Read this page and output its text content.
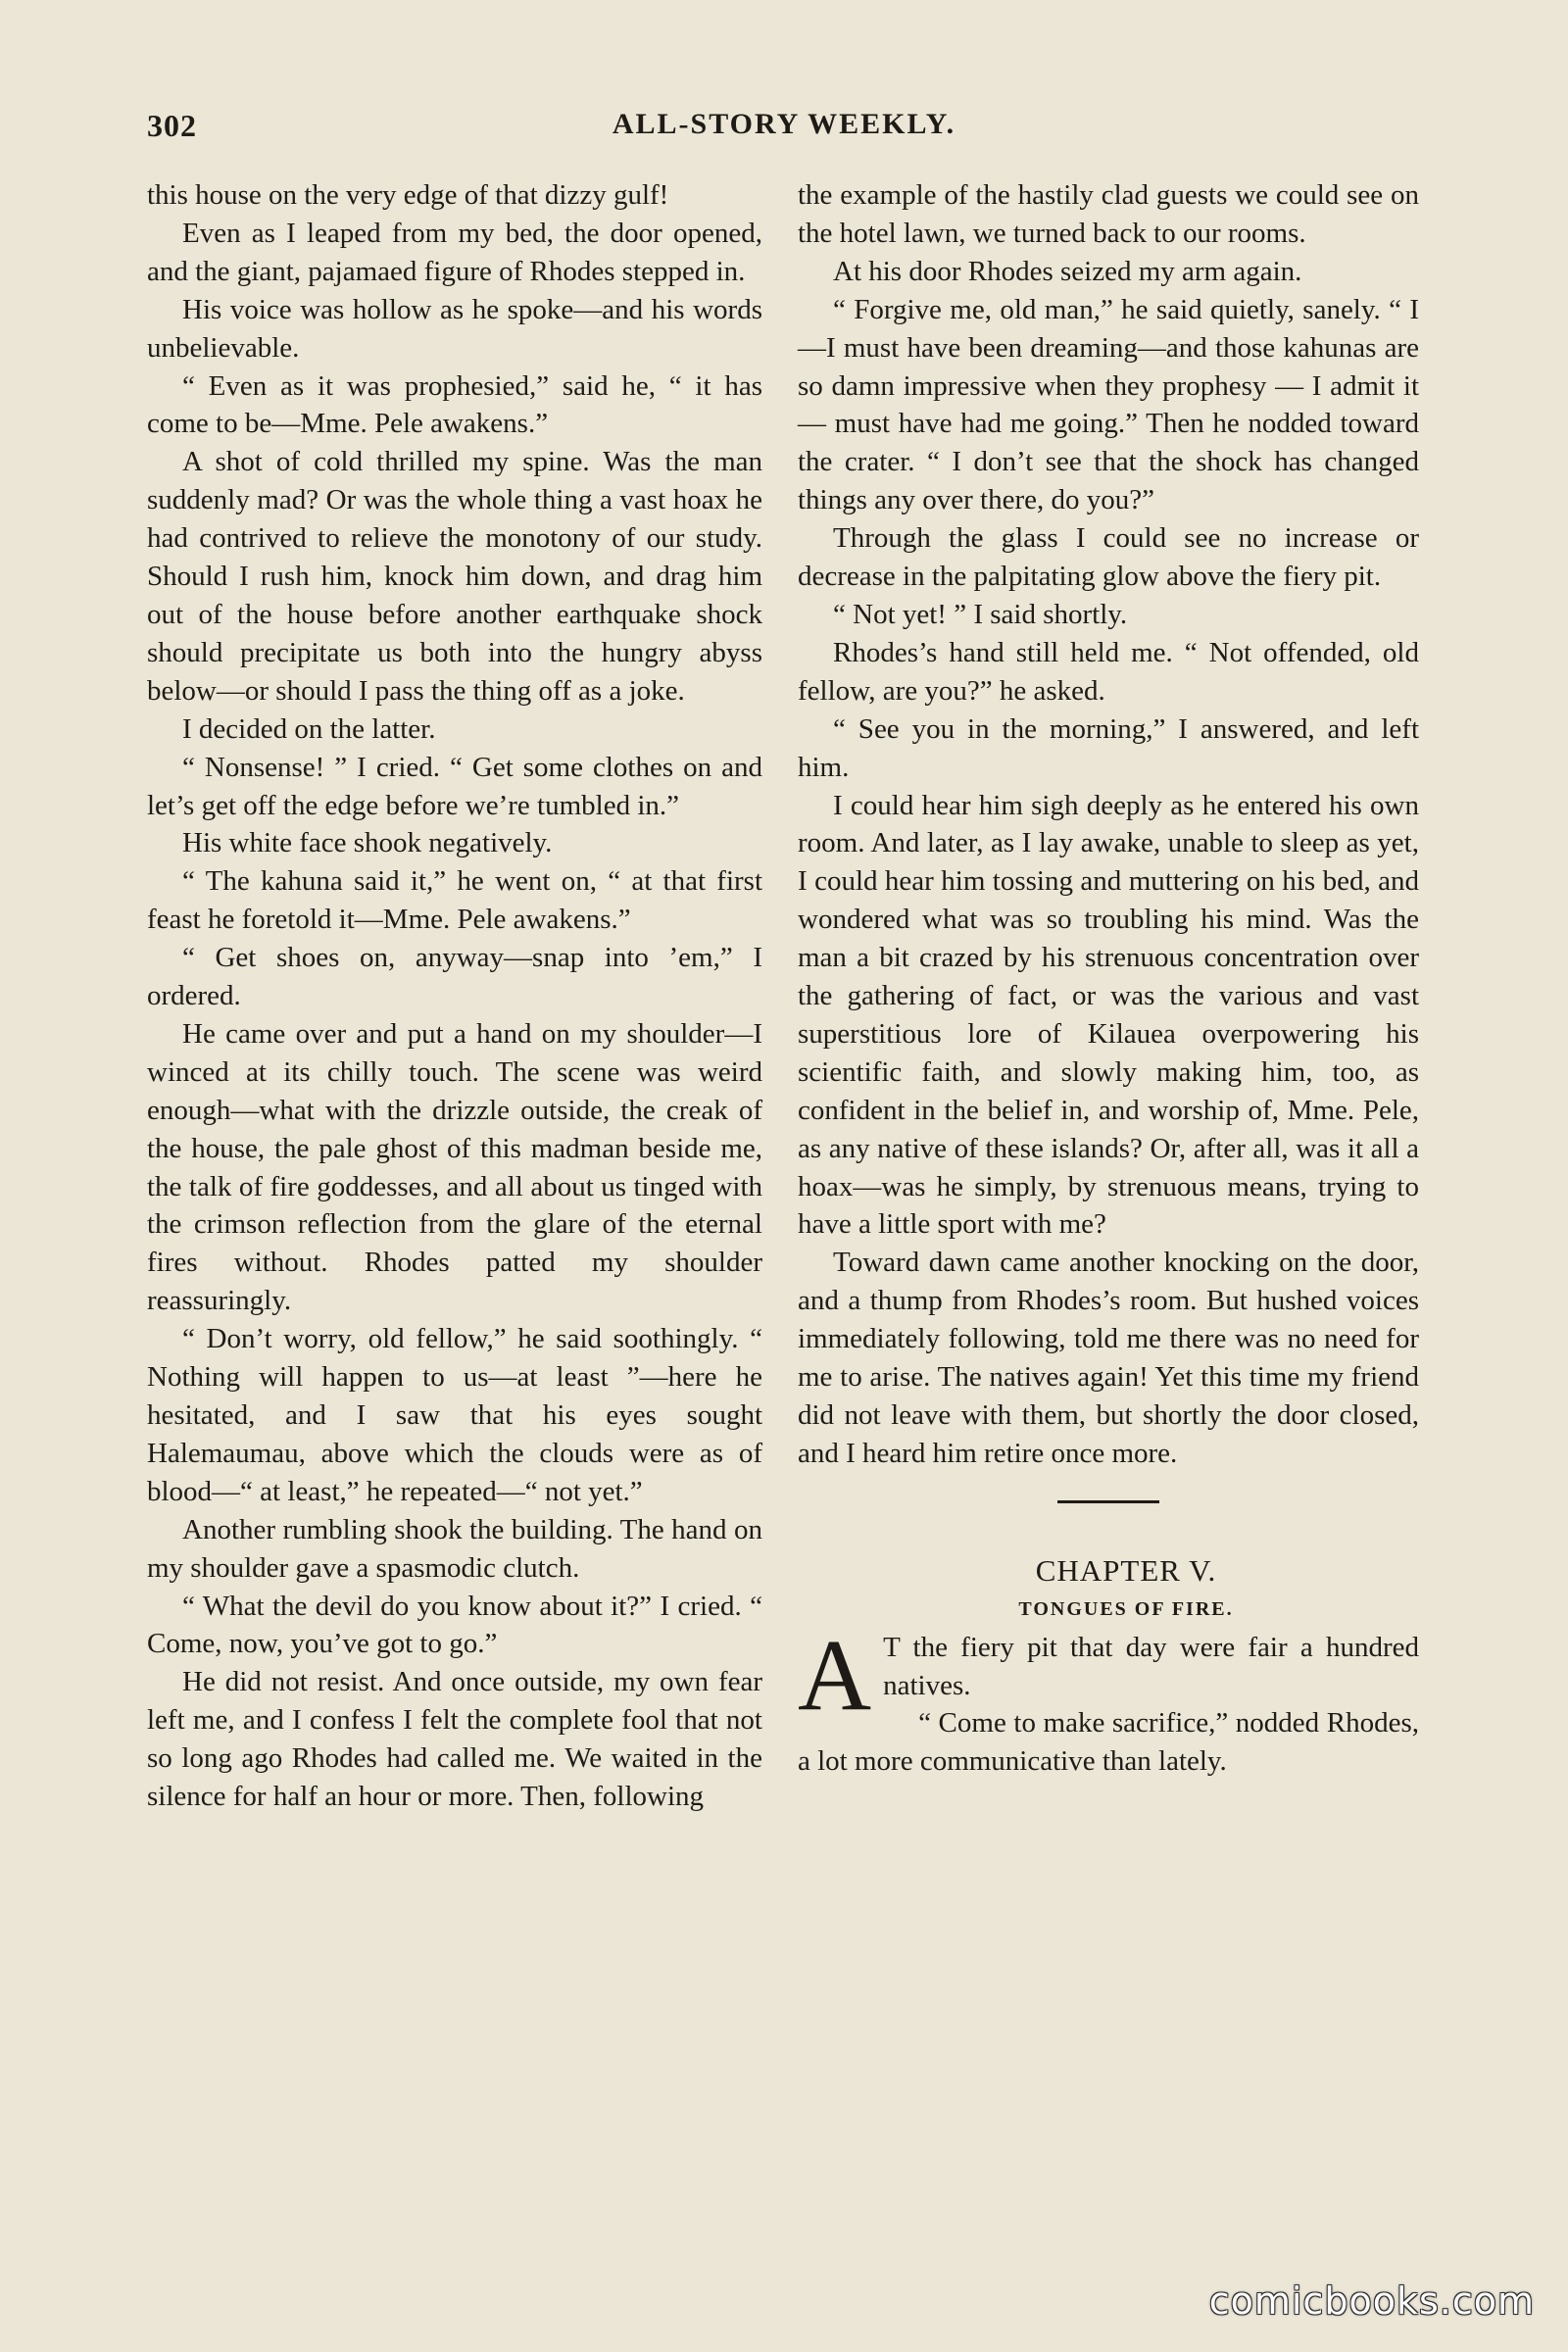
302	ALL-STORY WEEKLY.

this house on the very edge of that dizzy gulf!

Even as I leaped from my bed, the door opened, and the giant, pajamaed figure of Rhodes stepped in.

His voice was hollow as he spoke—and his words unbelievable.

“ Even as it was prophesied,” said he, “ it has come to be—Mme. Pele awakens.”

A shot of cold thrilled my spine. Was the man suddenly mad? Or was the whole thing a vast hoax he had contrived to relieve the monotony of our study. Should I rush him, knock him down, and drag him out of the house before another earthquake shock should precipitate us both into the hungry abyss below—or should I pass the thing off as a joke.

I decided on the latter.

“ Nonsense! ” I cried. “ Get some clothes on and let’s get off the edge before we’re tumbled in.”

His white face shook negatively.

“ The kahuna said it,” he went on, “ at that first feast he foretold it—Mme. Pele awakens.”

“ Get shoes on, anyway—snap into ’em,” I ordered.

He came over and put a hand on my shoulder—I winced at its chilly touch. The scene was weird enough—what with the drizzle outside, the creak of the house, the pale ghost of this madman beside me, the talk of fire goddesses, and all about us tinged with the crimson reflection from the glare of the eternal fires without. Rhodes patted my shoulder reassuringly.

“ Don’t worry, old fellow,” he said soothingly. “ Nothing will happen to us—at least ”—here he hesitated, and I saw that his eyes sought Halemaumau, above which the clouds were as of blood—“ at least,” he repeated—“ not yet.”

Another rumbling shook the building. The hand on my shoulder gave a spasmodic clutch.

“ What the devil do you know about it?” I cried. “ Come, now, you’ve got to go.”

He did not resist. And once outside, my own fear left me, and I confess I felt the complete fool that not so long ago Rhodes had called me. We waited in the silence for half an hour or more. Then, following

the example of the hastily clad guests we could see on the hotel lawn, we turned back to our rooms.

At his door Rhodes seized my arm again.

“ Forgive me, old man,” he said quietly, sanely. “ I—I must have been dreaming—and those kahunas are so damn impressive when they prophesy — I admit it — must have had me going.” Then he nodded toward the crater. “ I don’t see that the shock has changed things any over there, do you?”

Through the glass I could see no increase or decrease in the palpitating glow above the fiery pit.

“ Not yet! ” I said shortly.

Rhodes’s hand still held me. “ Not offended, old fellow, are you?” he asked.

“ See you in the morning,” I answered, and left him.

I could hear him sigh deeply as he entered his own room. And later, as I lay awake, unable to sleep as yet, I could hear him tossing and muttering on his bed, and wondered what was so troubling his mind. Was the man a bit crazed by his strenuous concentration over the gathering of fact, or was the various and vast superstitious lore of Kilauea overpowering his scientific faith, and slowly making him, too, as confident in the belief in, and worship of, Mme. Pele, as any native of these islands? Or, after all, was it all a hoax—was he simply, by strenuous means, trying to have a little sport with me?

Toward dawn came another knocking on the door, and a thump from Rhodes’s room. But hushed voices immediately following, told me there was no need for me to arise. The natives again! Yet this time my friend did not leave with them, but shortly the door closed, and I heard him retire once more.

CHAPTER V.

TONGUES OF FIRE.

A T the fiery pit that day were fair a hundred natives.

“ Come to make sacrifice,” nodded Rhodes, a lot more communicative than lately.

comicbooks.com
